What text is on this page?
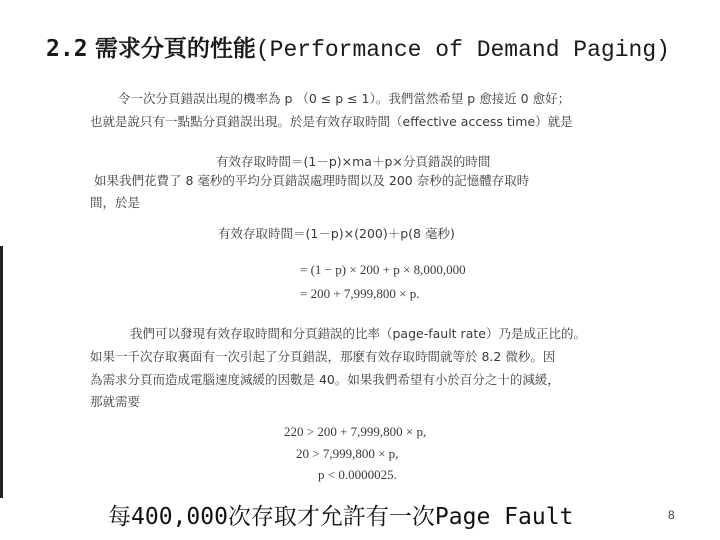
2.2 需求分頁的性能(Performance of Demand Paging)
令一次分頁錯誤出現的機率為 p （0 ≤ p ≤ 1）。我們當然希望 p 愈接近 0 愈好；
也就是說只有一點點分頁錯誤出現。於是有效存取時間（effective access time）就是
有效存取時間＝(1－p)×ma＋p×分頁錯誤的時間
如果我們花費了 8 毫秒的平均分頁錯誤處理時間以及 200 奈秒的記憶體存取時
間，於是
有效存取時間＝(1－p)×(200)＋p(8 毫秒)
= (1 − p) × 200 + p × 8,000,000
= 200 + 7,999,800 × p.
我們可以發現有效存取時間和分頁錯誤的比率（page-fault rate）乃是成正比的。
如果一千次存取裏面有一次引起了分頁錯誤，那麼有效存取時間就等於 8.2 微秒。因
為需求分頁而造成電腦速度減緩的因數是 40。如果我們希望有小於百分之十的減緩，
那就需要
220 > 200 + 7,999,800 × p,
20 > 7,999,800 × p,
p < 0.0000025.
每400,000次存取才允許有一次Page Fault	8
